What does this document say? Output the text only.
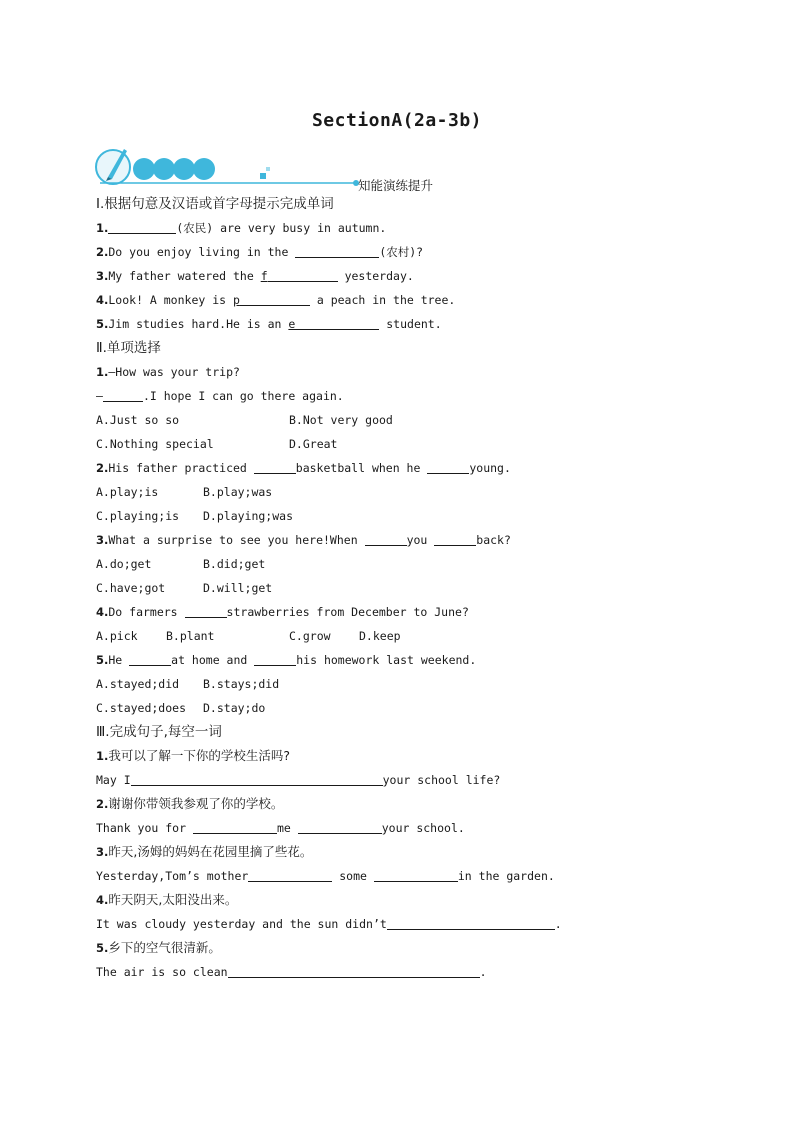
SectionA(2a-3b)
知能演练提升
Ⅰ.根据句意及汉语或首字母提示完成单词
1.	(农民) are very busy in autumn.
2.Do you enjoy living in the	(农村)?
3.My father watered the f	yesterday.
4.Look! A monkey is p	a peach in the tree.
5.Jim studies hard.He is an e	student.
Ⅱ.单项选择
1.—How was your trip?
—	.I hope I can go there again.
A.Just so so	B.Not very good
C.Nothing special	D.Great
2.His father practiced	basketball when he	young.
A.play;is	B.play;was
C.playing;is D.playing;was
3.What a surprise to see you here!When	you	back?
A.do;get	B.did;get
C.have;got	D.will;get
4.Do farmers	strawberries from December to June?
A.pick B.plant	C.grow D.keep
5.He	at home and	his homework last weekend.
A.stayed;did B.stays;did
C.stayed;does D.stay;do
Ⅲ.完成句子,每空一词
1.我可以了解一下你的学校生活吗?
May I	your school life?
2.谢谢你带领我参观了你的学校。
Thank you for	me	your school.
3.昨天,汤姆的妈妈在花园里摘了些花。
Yesterday,Tom’s mother	some	in the garden.
4.昨天阴天,太阳没出来。
It was cloudy yesterday and the sun didn’t	.
5.乡下的空气很清新。
The air is so clean	.
